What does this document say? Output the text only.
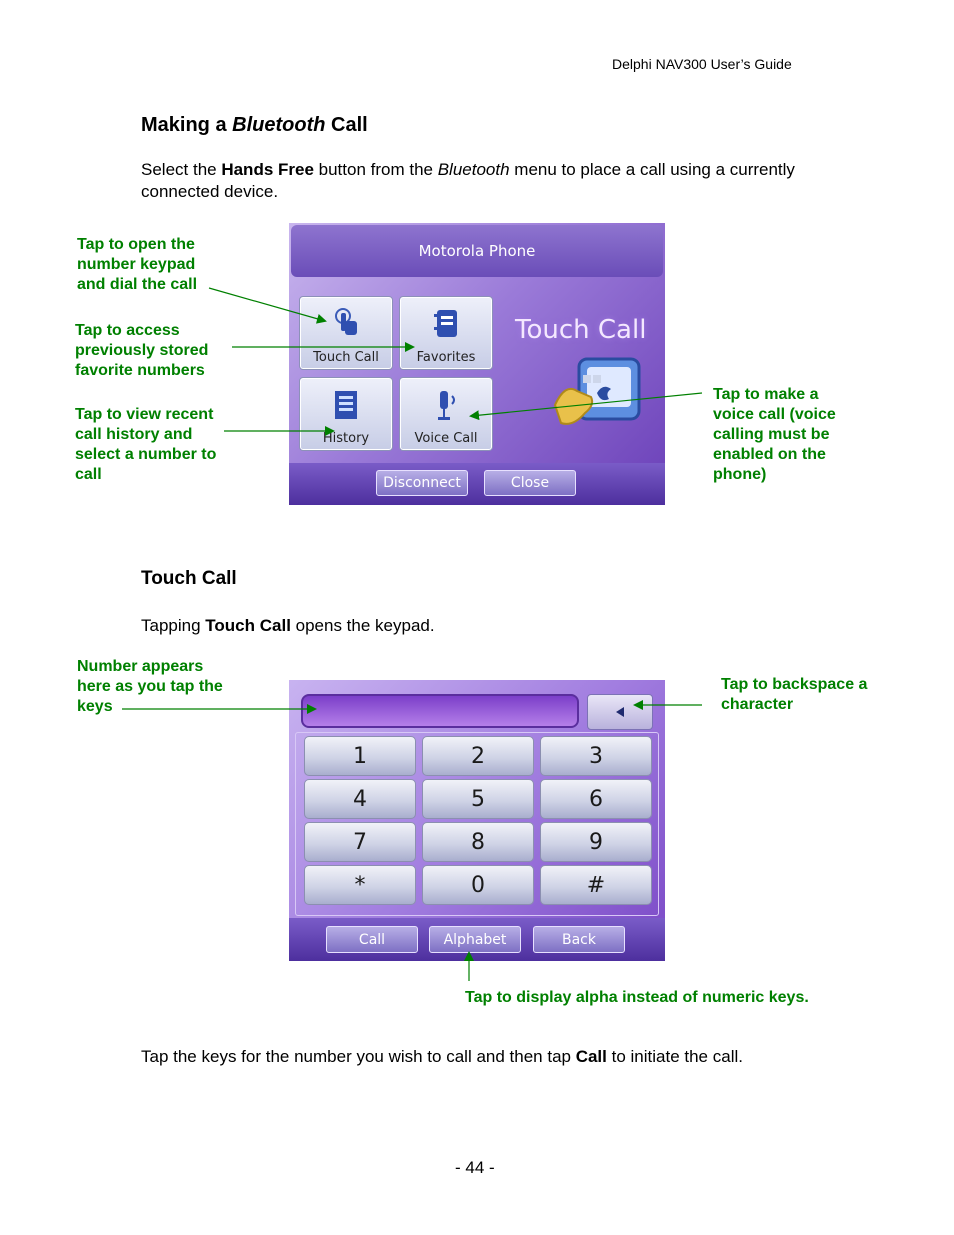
Delphi NAV300 User’s Guide
Making a Bluetooth Call
Select the Hands Free button from the Bluetooth menu to place a call using a currently connected device.
Motorola Phone
Touch Call	Favorites
History	Voice Call
Touch Call
Disconnect	Close
Tap to open the
number keypad
and dial the call
Tap to access
previously stored
favorite numbers
Tap to view recent
call history and
select a number to
call
Tap to make a
voice call (voice
calling must be
enabled on the
phone)
Touch Call
Tapping Touch Call opens the keypad.
1	2	3
4	5	6
7	8	9
*	0	#
Call	Alphabet	Back
Number appears
here as you tap the
keys
Tap to backspace a
character
Tap to display alpha instead of numeric keys.
Tap the keys for the number you wish to call and then tap Call to initiate the call.
- 44 -
